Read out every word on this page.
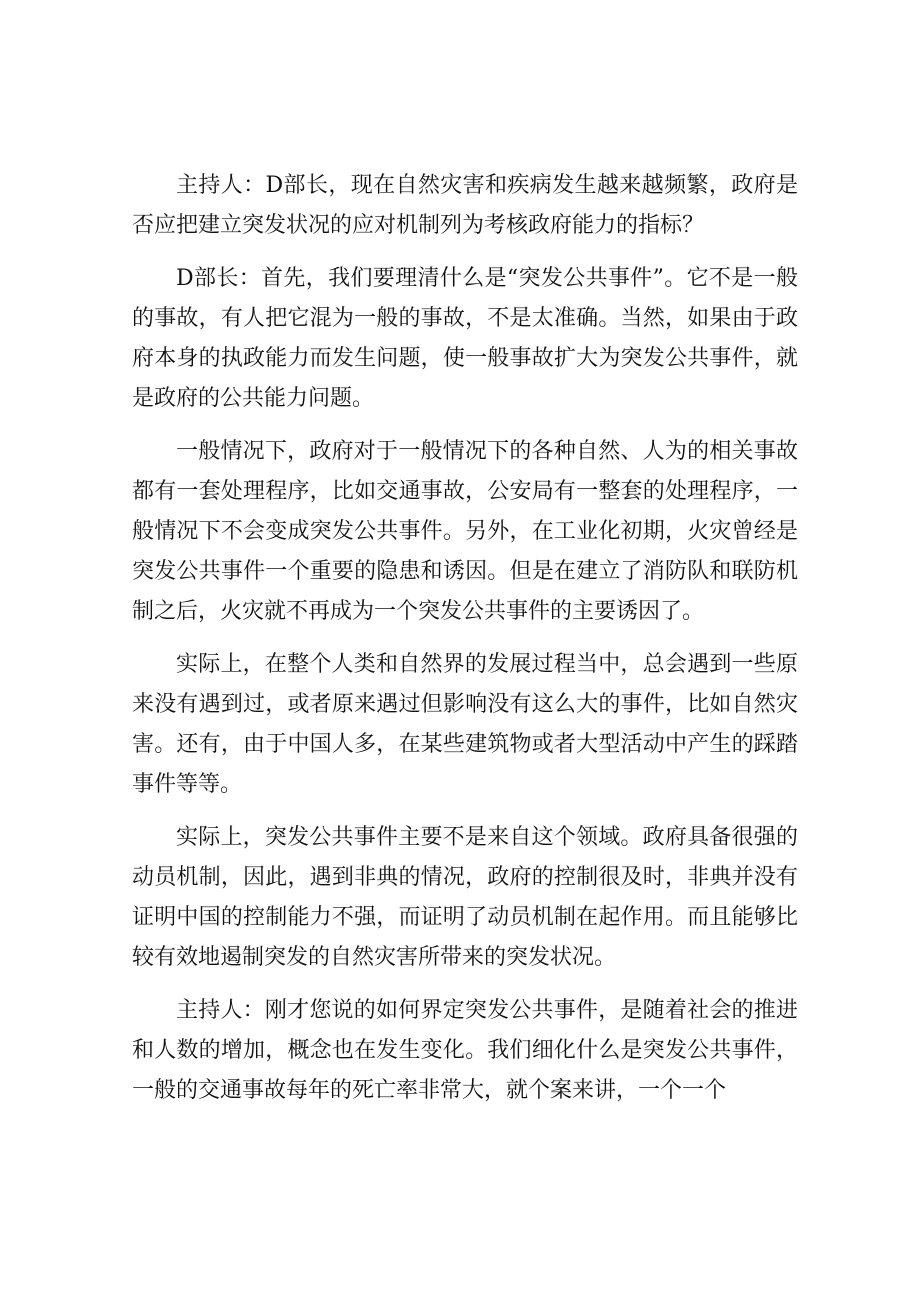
主持人：D部长，现在自然灾害和疾病发生越来越频繁，政府是否应把建立突发状况的应对机制列为考核政府能力的指标？

D部长：首先，我们要理清什么是“突发公共事件”。它不是一般的事故，有人把它混为一般的事故，不是太准确。当然，如果由于政府本身的执政能力而发生问题，使一般事故扩大为突发公共事件，就是政府的公共能力问题。

一般情况下，政府对于一般情况下的各种自然、人为的相关事故都有一套处理程序，比如交通事故，公安局有一整套的处理程序，一般情况下不会变成突发公共事件。另外，在工业化初期，火灾曾经是突发公共事件一个重要的隐患和诱因。但是在建立了消防队和联防机制之后，火灾就不再成为一个突发公共事件的主要诱因了。

实际上，在整个人类和自然界的发展过程当中，总会遇到一些原来没有遇到过，或者原来遇过但影响没有这么大的事件，比如自然灾害。还有，由于中国人多，在某些建筑物或者大型活动中产生的踩踏事件等等。

实际上，突发公共事件主要不是来自这个领域。政府具备很强的动员机制，因此，遇到非典的情况，政府的控制很及时，非典并没有证明中国的控制能力不强，而证明了动员机制在起作用。而且能够比较有效地遏制突发的自然灾害所带来的突发状况。

主持人：刚才您说的如何界定突发公共事件，是随着社会的推进和人数的增加，概念也在发生变化。我们细化什么是突发公共事件，一般的交通事故每年的死亡率非常大，就个案来讲，一个一个
